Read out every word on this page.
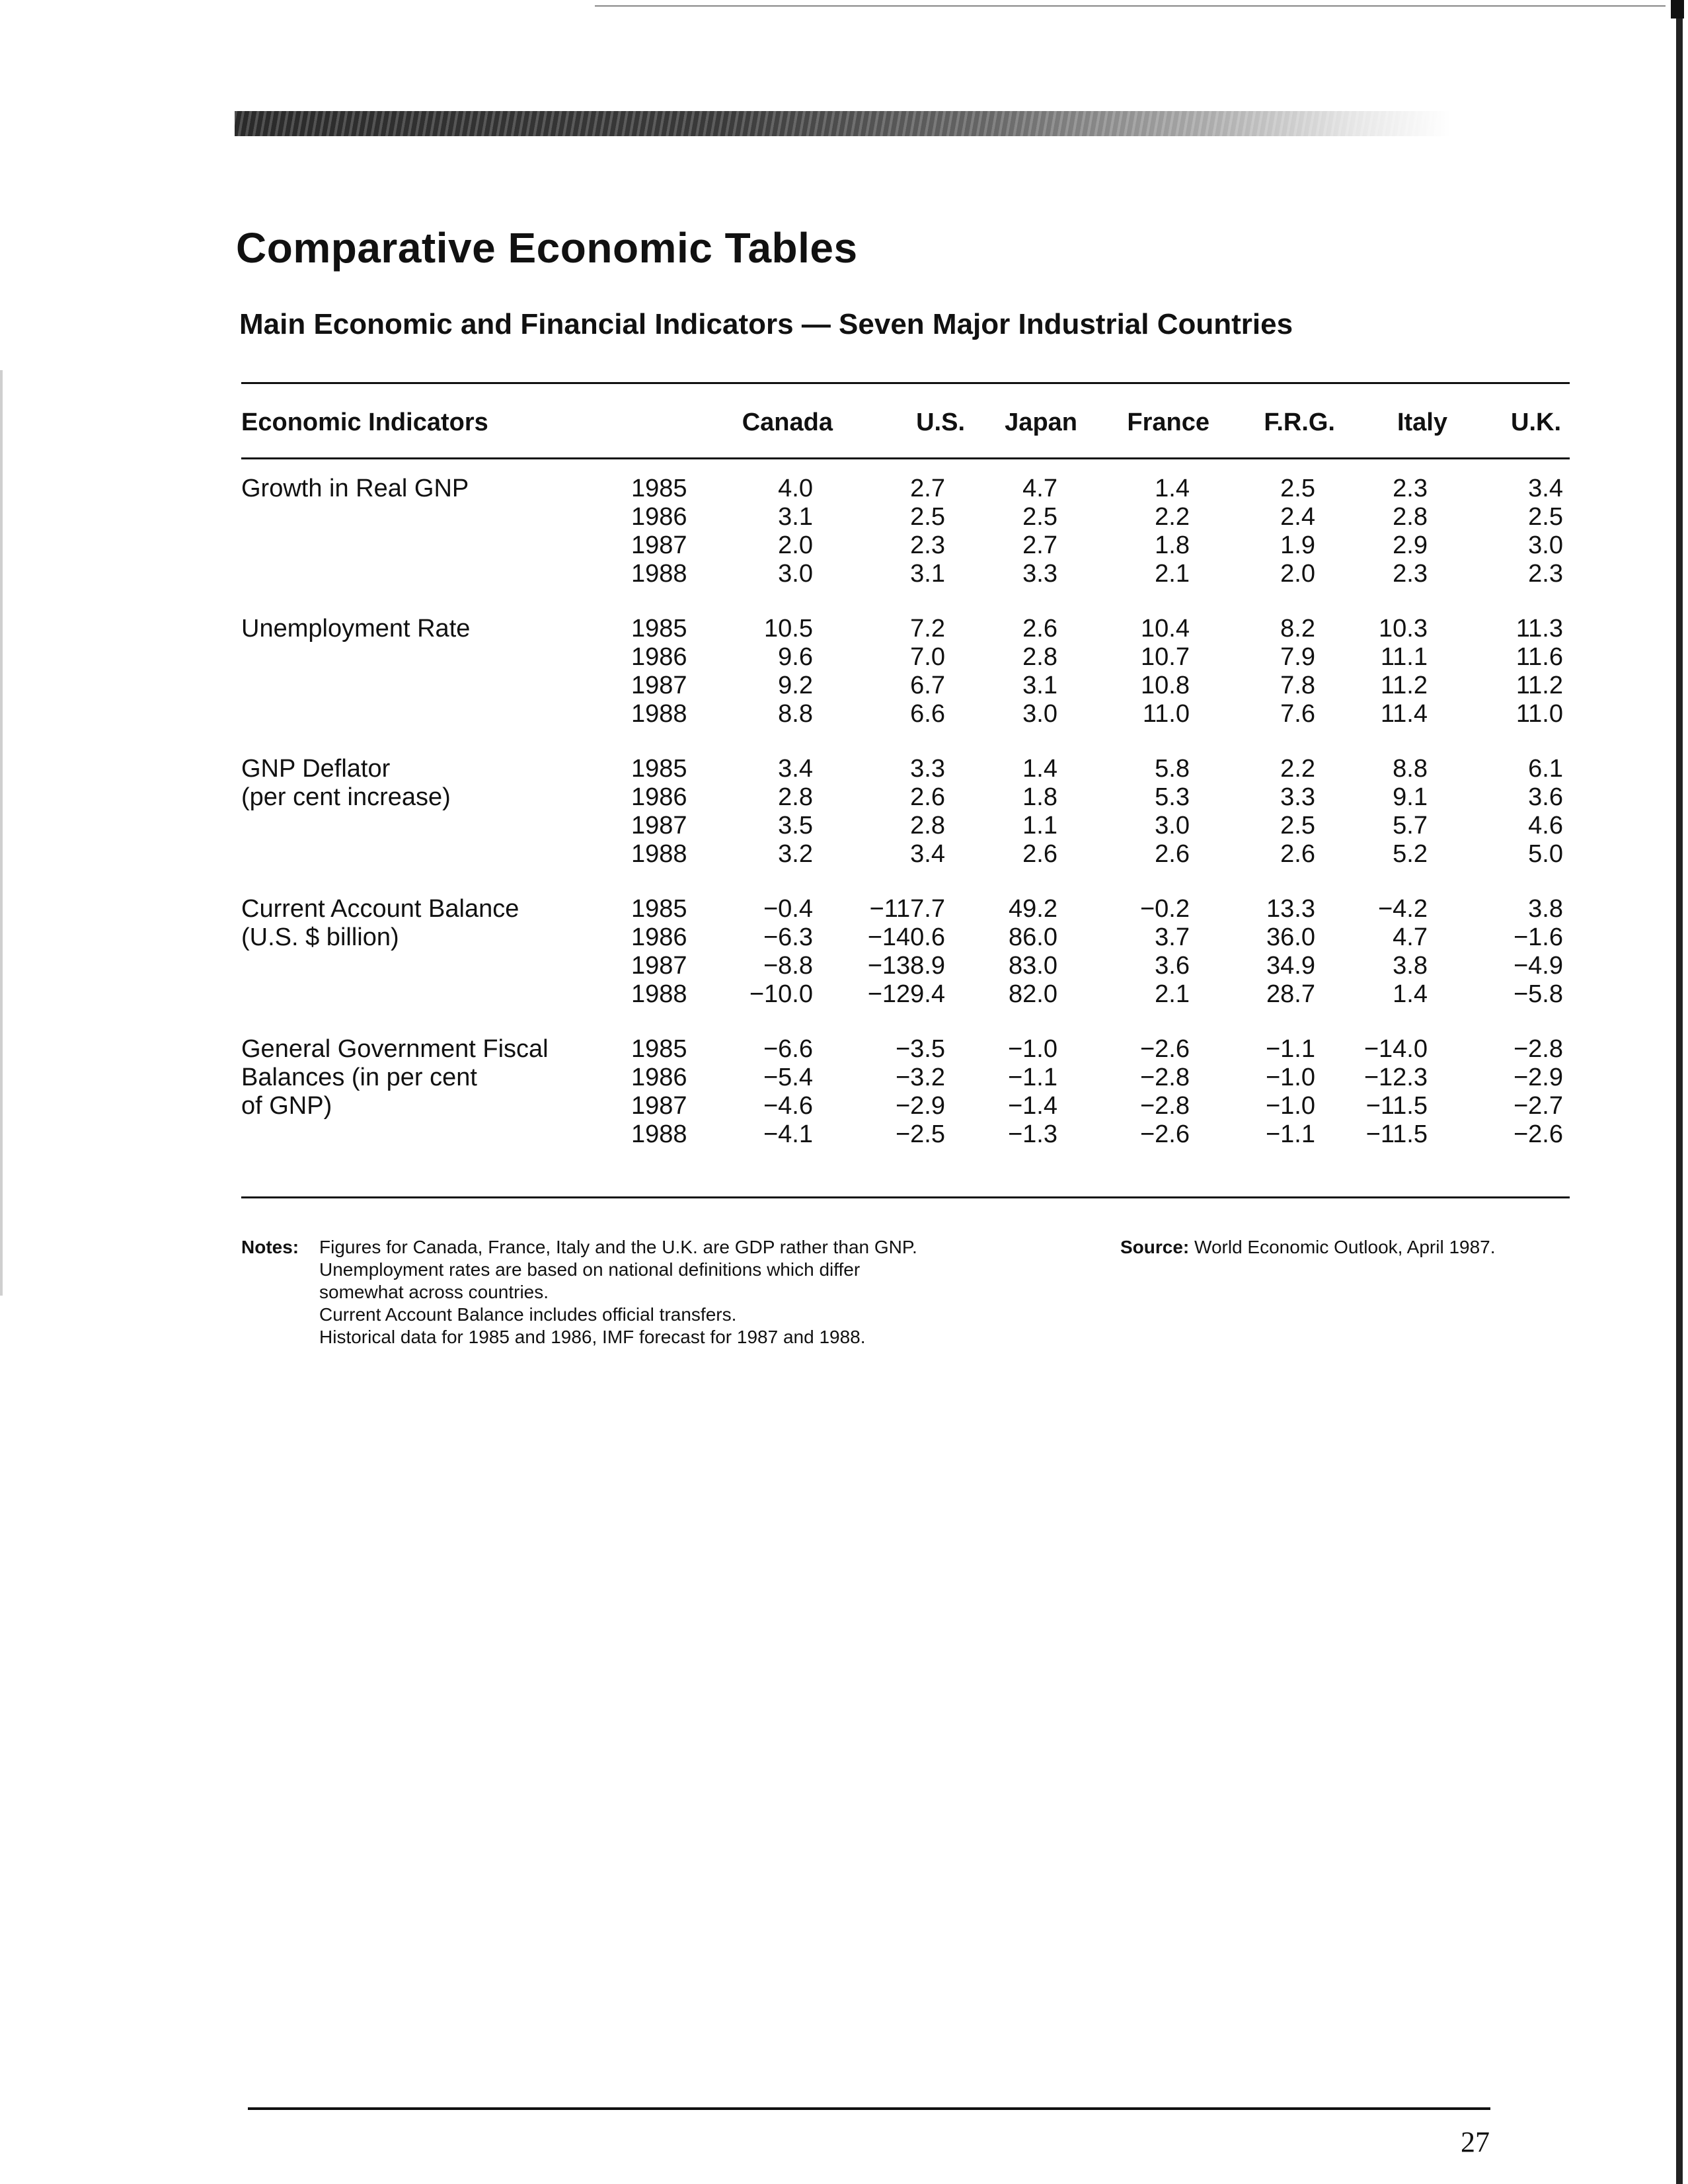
Comparative Economic Tables
Main Economic and Financial Indicators — Seven Major Industrial Countries
Economic Indicators	Canada	U.S.	Japan	France	F.R.G.	Italy	U.K.
Growth in Real GNP	1985	4.0	2.7	4.7	1.4	2.5	2.3	3.4
1986	3.1	2.5	2.5	2.2	2.4	2.8	2.5
1987	2.0	2.3	2.7	1.8	1.9	2.9	3.0
1988	3.0	3.1	3.3	2.1	2.0	2.3	2.3
Unemployment Rate	1985	10.5	7.2	2.6	10.4	8.2	10.3	11.3
1986	9.6	7.0	2.8	10.7	7.9	11.1	11.6
1987	9.2	6.7	3.1	10.8	7.8	11.2	11.2
1988	8.8	6.6	3.0	11.0	7.6	11.4	11.0
GNP Deflator
(per cent increase)
1985	3.4	3.3	1.4	5.8	2.2	8.8	6.1
1986	2.8	2.6	1.8	5.3	3.3	9.1	3.6
1987	3.5	2.8	1.1	3.0	2.5	5.7	4.6
1988	3.2	3.4	2.6	2.6	2.6	5.2	5.0
Current Account Balance
(U.S. $ billion)
1985	−0.4	−117.7	49.2	−0.2	13.3	−4.2	3.8
1986	−6.3	−140.6	86.0	3.7	36.0	4.7	−1.6
1987	−8.8	−138.9	83.0	3.6	34.9	3.8	−4.9
1988	−10.0	−129.4	82.0	2.1	28.7	1.4	−5.8
General Government Fiscal
Balances (in per cent
of GNP)
1985	−6.6	−3.5	−1.0	−2.6	−1.1	−14.0	−2.8
1986	−5.4	−3.2	−1.1	−2.8	−1.0	−12.3	−2.9
1987	−4.6	−2.9	−1.4	−2.8	−1.0	−11.5	−2.7
1988	−4.1	−2.5	−1.3	−2.6	−1.1	−11.5	−2.6
Notes: Figures for Canada, France, Italy and the U.K. are GDP rather than GNP.
Unemployment rates are based on national definitions which differ
somewhat across countries.
Current Account Balance includes official transfers.
Historical data for 1985 and 1986, IMF forecast for 1987 and 1988.
Source: World Economic Outlook, April 1987.
27
